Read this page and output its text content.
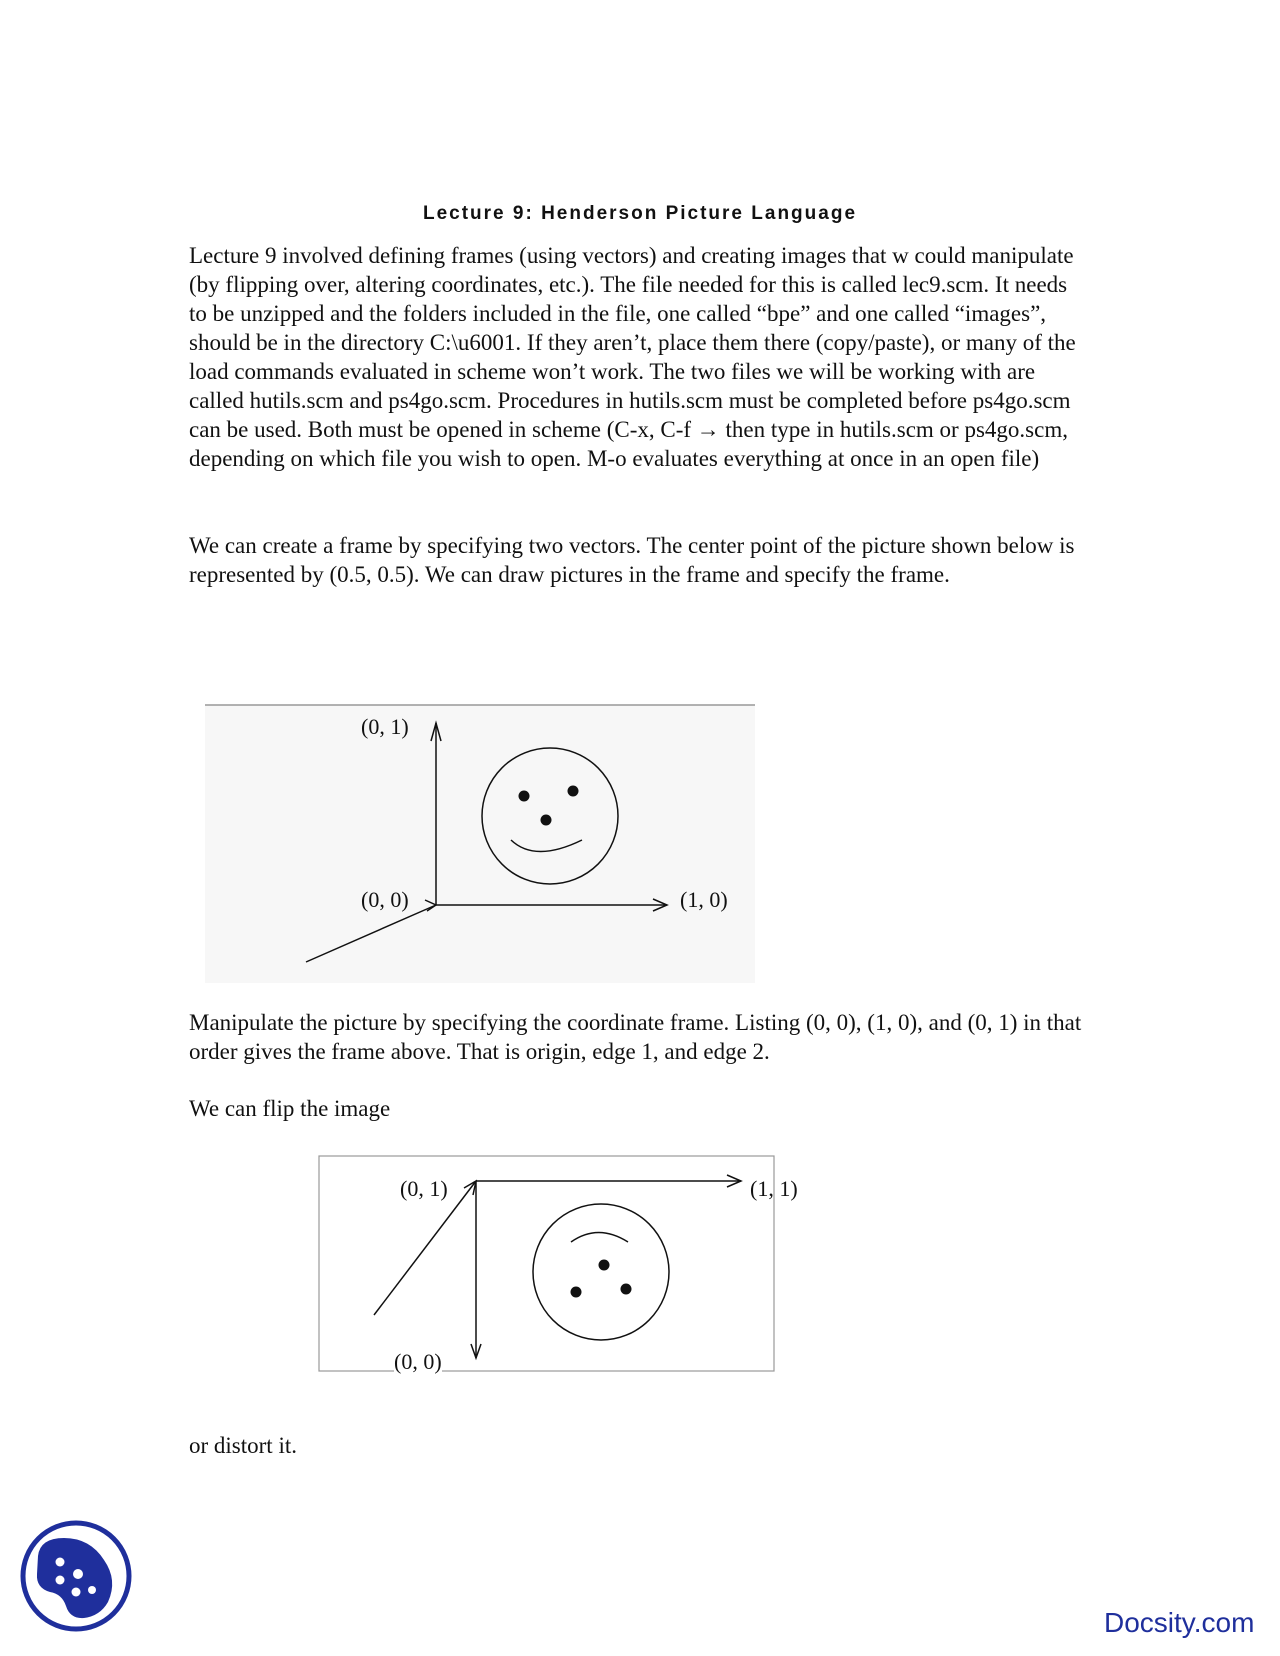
Lecture 9: Henderson Picture Language

Lecture 9 involved defining frames (using vectors) and creating images that w could manipulate (by flipping over, altering coordinates, etc.). The file needed for this is called lec9.scm. It needs to be unzipped and the folders included in the file, one called “bpe” and one called “images”, should be in the directory C:\u6001. If they aren’t, place them there (copy/paste), or many of the load commands evaluated in scheme won’t work. The two files we will be working with are called hutils.scm and ps4go.scm. Procedures in hutils.scm must be completed before ps4go.scm can be used. Both must be opened in scheme (C-x, C-f → then type in hutils.scm or ps4go.scm, depending on which file you wish to open. M-o evaluates everything at once in an open file)

We can create a frame by specifying two vectors. The center point of the picture shown below is represented by (0.5, 0.5). We can draw pictures in the frame and specify the frame.

(0, 1)
(0, 0)	(1, 0)

Manipulate the picture by specifying the coordinate frame. Listing (0, 0), (1, 0), and (0, 1) in that order gives the frame above. That is origin, edge 1, and edge 2.

We can flip the image

(0, 1)	(1, 1)
(0, 0)

or distort it.

Docsity.com
